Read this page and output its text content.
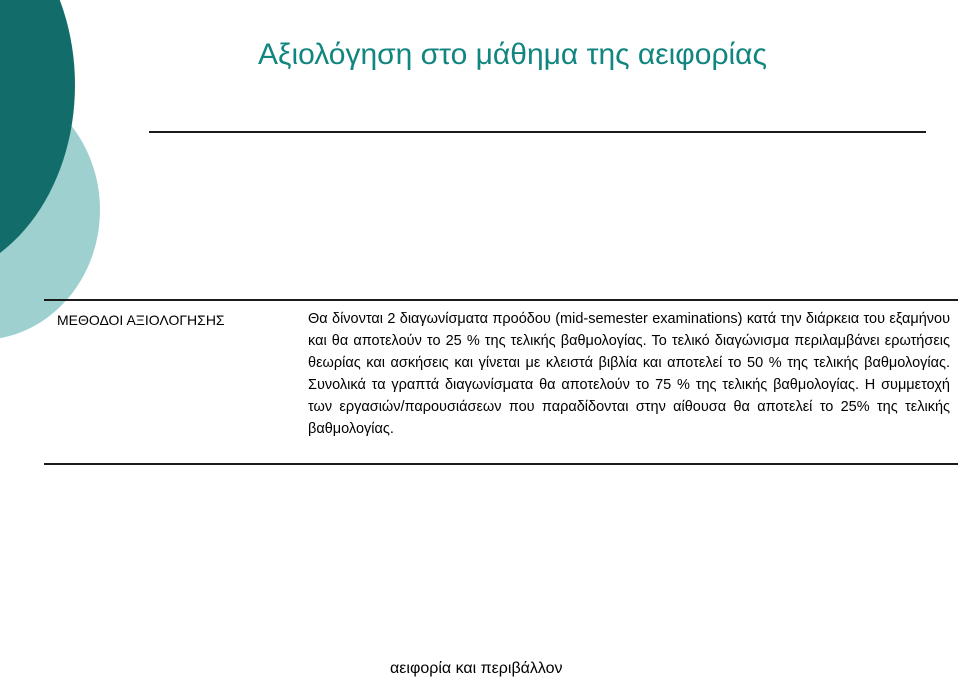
Αξιολόγηση στο μάθημα της αειφορίας
ΜΕΘΟΔΟΙ ΑΞΙΟΛΟΓΗΣΗΣ	Θα δίνονται 2 διαγωνίσματα προόδου (mid-semester examinations) κατά την διάρκεια του εξαμήνου και θα αποτελούν το 25 % της τελικής βαθμολογίας. Το τελικό διαγώνισμα περιλαμβάνει ερωτήσεις θεωρίας και ασκήσεις και γίνεται με κλειστά βιβλία και αποτελεί το 50 % της τελικής βαθμολογίας. Συνολικά τα γραπτά διαγωνίσματα θα αποτελούν το 75 % της τελικής βαθμολογίας. Η συμμετοχή των εργασιών/παρουσιάσεων που παραδίδονται στην αίθουσα θα αποτελεί το 25% της τελικής βαθμολογίας.

αειφορία και περιβάλλον
